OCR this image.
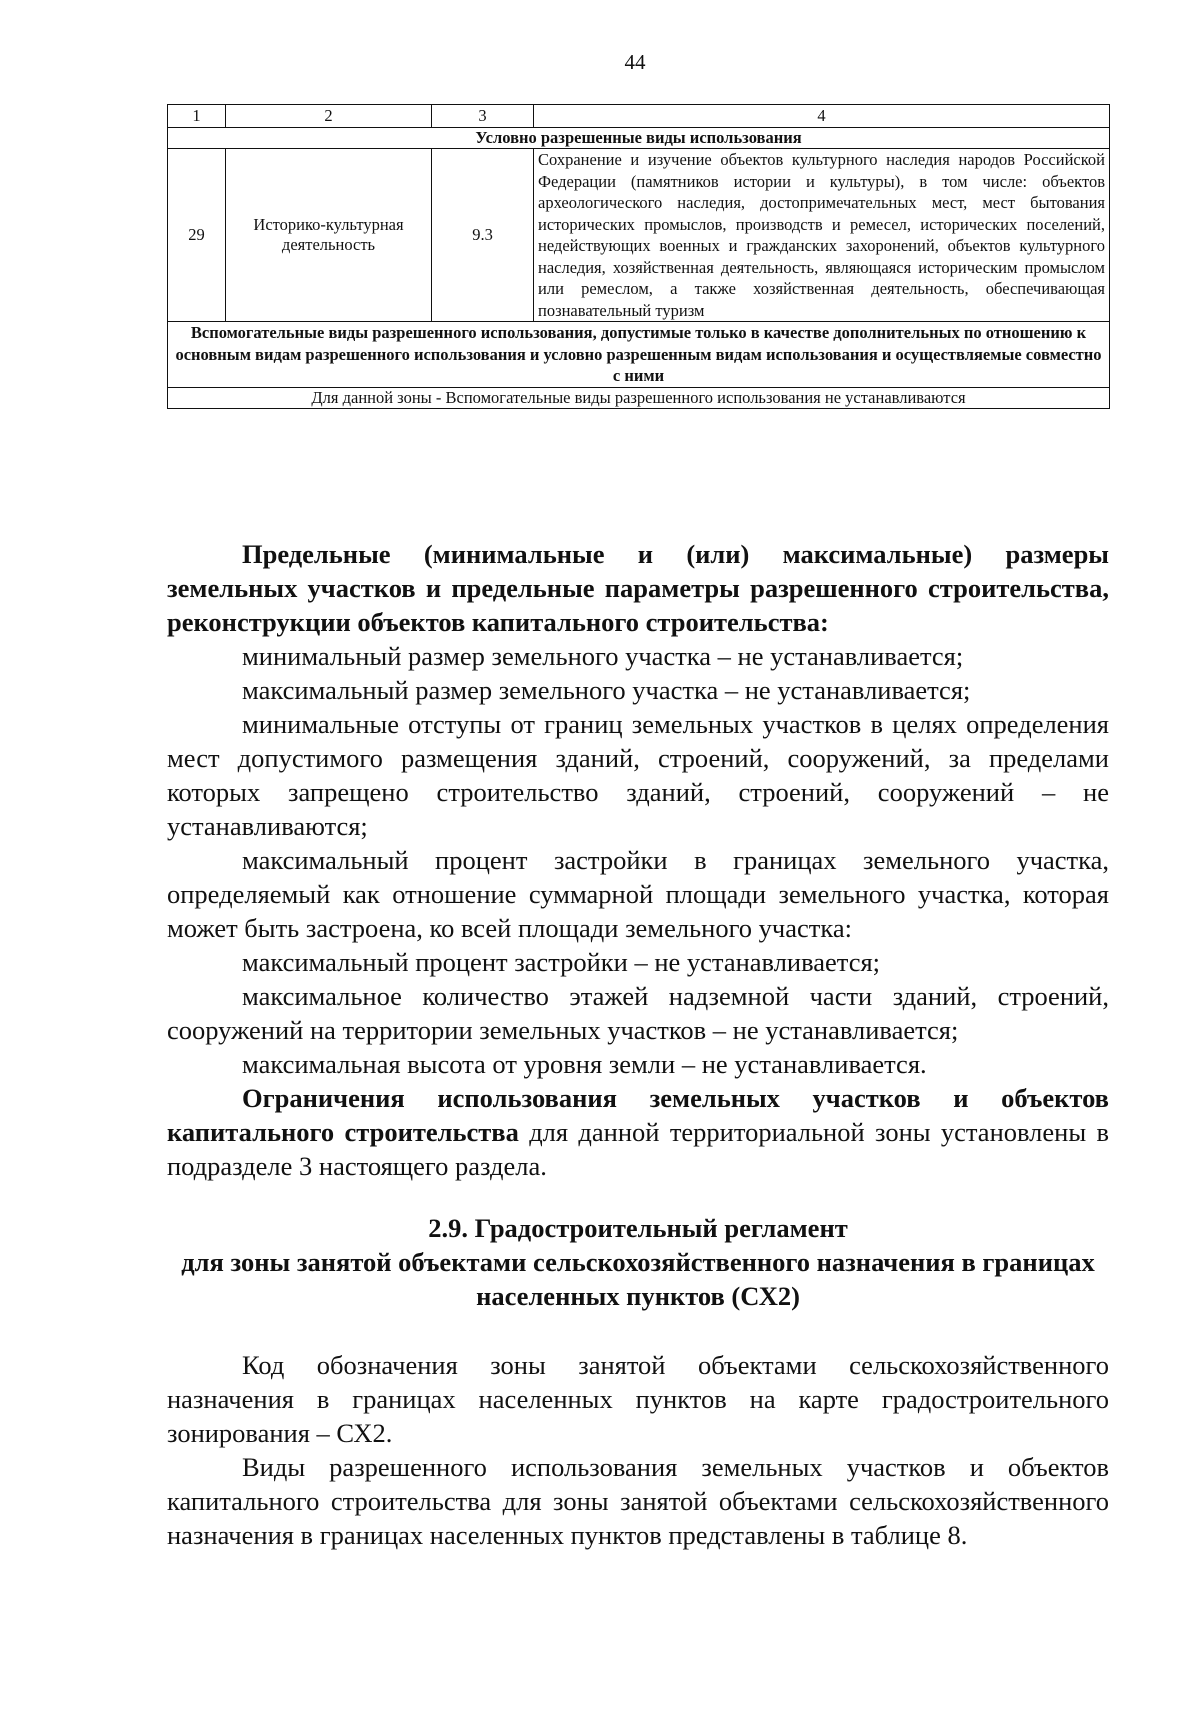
44
1	2	3	4
Условно разрешенные виды использования			
29	Историко-культурная деятельность	9.3	Сохранение и изучение объектов культурного наследия народов Российской Федерации (памятников истории и культуры), в том числе: объектов археологического наследия, достопримечательных мест, мест бытования исторических промыслов, производств и ремесел, исторических поселений, недействующих военных и гражданских захоронений, объектов культурного наследия, хозяйственная деятельность, являющаяся историческим промыслом или ремеслом, а также хозяйственная деятельность, обеспечивающая познавательный туризм
Вспомогательные виды разрешенного использования, допустимые только в качестве дополнительных по отношению к основным видам разрешенного использования и условно разрешенным видам использования и осуществляемые совместно с ними			
Для данной зоны - Вспомогательные виды разрешенного использования не устанавливаются			

Предельные (минимальные и (или) максимальные) размеры земельных участков и предельные параметры разрешенного строительства, реконструкции объектов капитального строительства:

минимальный размер земельного участка – не устанавливается;

максимальный размер земельного участка – не устанавливается;

минимальные отступы от границ земельных участков в целях определения мест допустимого размещения зданий, строений, сооружений, за пределами которых запрещено строительство зданий, строений, сооружений – не устанавливаются;

максимальный процент застройки в границах земельного участка, определяемый как отношение суммарной площади земельного участка, которая может быть застроена, ко всей площади земельного участка:

максимальный процент застройки – не устанавливается;

максимальное количество этажей надземной части зданий, строений, сооружений на территории земельных участков – не устанавливается;

максимальная высота от уровня земли – не устанавливается.

Ограничения использования земельных участков и объектов капитального строительства для данной территориальной зоны установлены в подразделе 3 настоящего раздела.

2.9. Градостроительный регламент

для зоны занятой объектами сельскохозяйственного назначения в границах населенных пунктов (СХ2)

Код обозначения зоны занятой объектами сельскохозяйственного назначения в границах населенных пунктов на карте градостроительного зонирования – СХ2.

Виды разрешенного использования земельных участков и объектов капитального строительства для зоны занятой объектами сельскохозяйственного назначения в границах населенных пунктов представлены в таблице 8.
